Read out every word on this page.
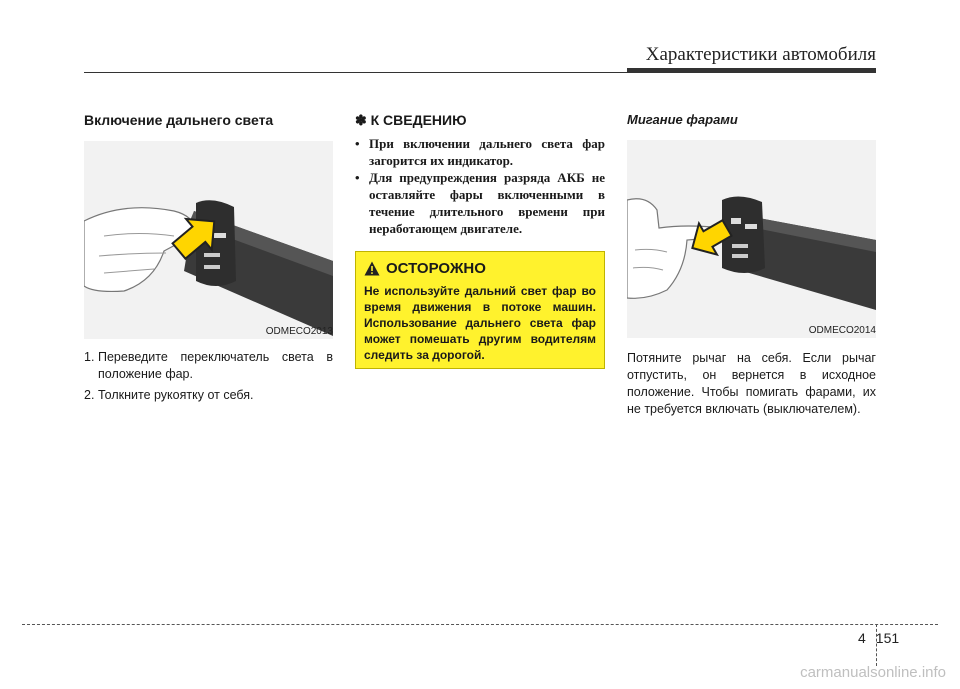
Характеристики автомобиля
Включение дальнего света
ODMECO2013
1. Переведите переключатель света в положение фар.
2. Толкните рукоятку от себя.
✽ К СВЕДЕНИЮ
• При включении дальнего света фар загорится их индикатор.
• Для предупреждения разряда АКБ не оставляйте фары включенными в течение длительного времени при неработающем двигателе.
ОСТОРОЖНО
Не используйте дальний свет фар во время движения в потоке машин. Использование дальнего света фар может помешать другим водителям следить за дорогой.
Мигание фарами
ODMECO2014
Потяните рычаг на себя. Если рычаг отпустить, он вернется в исходное положение. Чтобы помигать фарами, их не требуется включать (выключателем).
4 151
carmanualsonline.info
